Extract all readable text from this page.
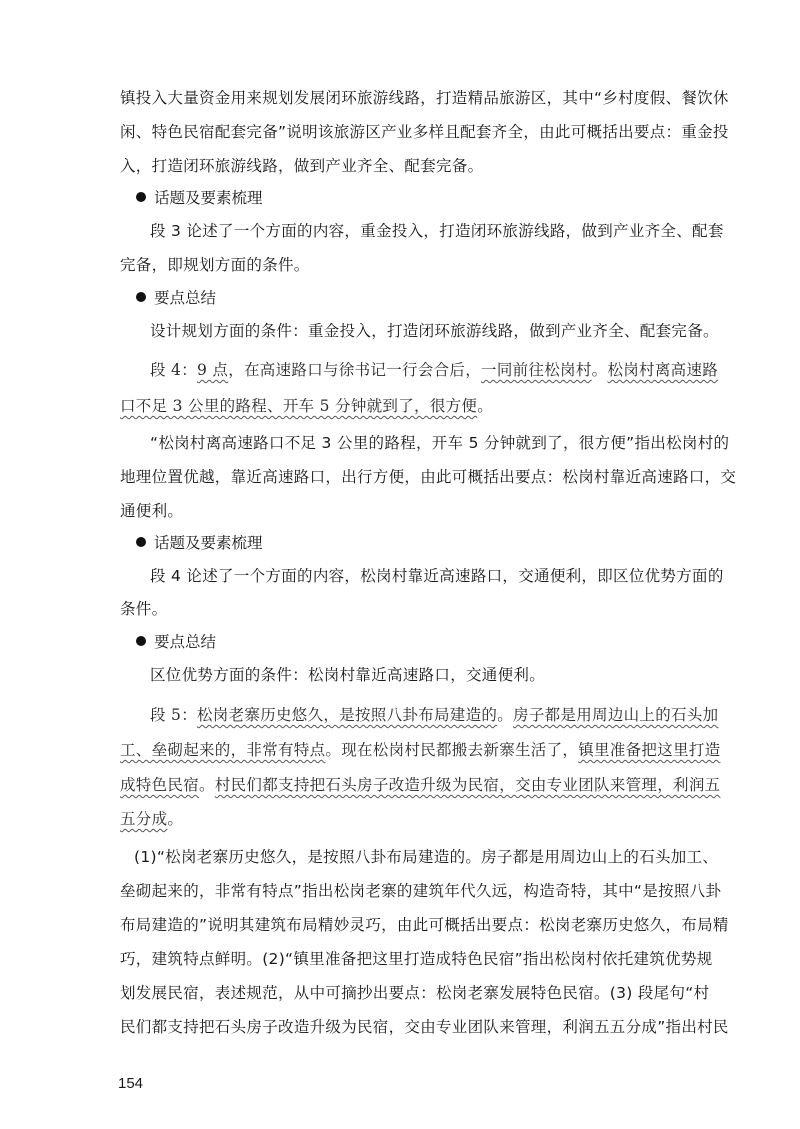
镇投入大量资金用来规划发展闭环旅游线路，打造精品旅游区，其中“乡村度假、餐饮休
闲、特色民宿配套完备”说明该旅游区产业多样且配套齐全，由此可概括出要点：重金投
入，打造闭环旅游线路，做到产业齐全、配套完备。
话题及要素梳理
段 3 论述了一个方面的内容，重金投入，打造闭环旅游线路，做到产业齐全、配套
完备，即规划方面的条件。
要点总结
设计规划方面的条件：重金投入，打造闭环旅游线路，做到产业齐全、配套完备。
段 4：9 点，在高速路口与徐书记一行会合后，一同前往松岗村。松岗村离高速路
口不足 3 公里的路程、开车 5 分钟就到了，很方便。
“松岗村离高速路口不足 3 公里的路程，开车 5 分钟就到了，很方便”指出松岗村的
地理位置优越，靠近高速路口，出行方便，由此可概括出要点：松岗村靠近高速路口，交
通便利。
话题及要素梳理
段 4 论述了一个方面的内容，松岗村靠近高速路口，交通便利，即区位优势方面的
条件。
要点总结
区位优势方面的条件：松岗村靠近高速路口，交通便利。
段 5：松岗老寨历史悠久，是按照八卦布局建造的。房子都是用周边山上的石头加
工、垒砌起来的，非常有特点。现在松岗村民都搬去新寨生活了，镇里准备把这里打造
成特色民宿。村民们都支持把石头房子改造升级为民宿，交由专业团队来管理，利润五
五分成。
(1)“松岗老寨历史悠久，是按照八卦布局建造的。房子都是用周边山上的石头加工、
垒砌起来的，非常有特点”指出松岗老寨的建筑年代久远，构造奇特，其中“是按照八卦
布局建造的”说明其建筑布局精妙灵巧，由此可概括出要点：松岗老寨历史悠久，布局精
巧，建筑特点鲜明。(2)“镇里准备把这里打造成特色民宿”指出松岗村依托建筑优势规
划发展民宿，表述规范，从中可摘抄出要点：松岗老寨发展特色民宿。(3) 段尾句“村
民们都支持把石头房子改造升级为民宿，交由专业团队来管理，利润五五分成”指出村民
154
